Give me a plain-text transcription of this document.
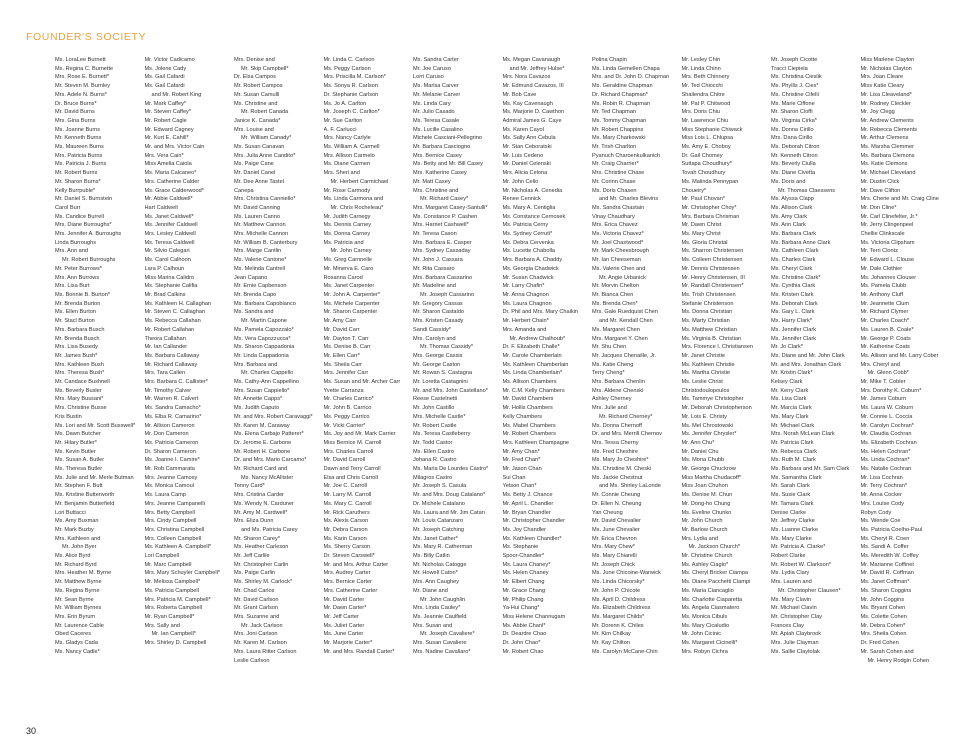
FOUNDER'S SOCIETY
Ms. LoraLee Burnett
Ms. Regina C. Burnette
Mrs. Rose E. Burnett*
Mr. Steven M. Burnley
Mrs. Adele N. Burns*
Dr. Bruce Burns*
Mr. David Burns
Mrs. Gina Burns
Ms. Joanne Burns
Mr. Kenneth Burns
Ms. Maureen Burns
Mrs. Patricia Burns
Ms. Patricia J. Burns
Mr. Robert Burns
Mr. Sharon Burns*
Kelly Burrpuble*
Mr. Daniel S. Burnstein
Carol Burr
Ms. Candice Burrell
Mrs. Diane Burroughs*
Mrs. Jennifer A. Burroughs
Linda Burroughs
Mrs. Ann and
Mr. Robert Burroughs
Mr. Peter Burrows*
Mrs. Ann Burrows
Mrs. Lisa Burt
Ms. Bonnie B. Burton*
Mr. Brenda Burton
Ms. Ellen Burton
Mr. Stacl Burton
Mrs. Barbara Busch
Mr. Brenda Busch
Mrs. Lisa Busedy
Mr. James Bush*
Mrs. Kathleen Bush
Mrs. Theresa Bush*
Mr. Candace Bushnell
Ms. Beverly Busler
Mrs. Mary Bussani*
Mrs. Christine Busse
Kris Bustin
Ms. Lori and Mr. Scott Busswell*
Ms. Dawn Butcher
Mr. Hilary Butler*
Ms. Kevin Butler
Ms. Susan A. Butler
Ms. Theresa Butler
Ms. Julie and Mr. Merle Butman
Mr. Stephen F. Butt
Ms. Kristine Butterworth
Mr. Benjamin Butterfield
Lori Buttacci
Ms. Amy Buxman
Mr. Mark Buzby
Mrs. Kathleen and
Mr. John Byer
Ms. Alice Byrd
Mr. Richard Byrd
Mrs. Heather M. Byrne
Mr. Matthew Byrne
Ms. Regina Byrne
Mr. Sean Byrne
Mr. William Byrnes
Mrs. Erin Byrum
Mr. Laurence Cable
Obed Caceres
Ms. Gladys Cada
Ms. Nancy Cadle*
Mr. Victor Cadicamo
Ms. Jolene Cady
Ms. Gail Cafardi
Ms. Gail Cafardi
and Mr. Robert King
Mr. Mark Caffey*
Mr. Steven Caffey*
Mr. Robert Cagle
Mr. Edward Cagney
Mr. Kurt E. Cahill*
Mr. and Mrs. Victor Cain
Mrs. Vera Cain*
Miss Amelia Caiola
Ms. Maria Calcaneo*
Mrs. Catherine Calder
Ms. Grace Calderwood*
Mr. Abbie Caldwell*
Hart Caldwell
Ms. Janet Caldwell*
Ms. Jennifer Caldwell
Mrs. Lesley Caldwell
Ms. Teresa Caldwell
Mr. Silvio Calegari
Ms. Carol Calhoon
Lara P. Calhoun
Miss Marina Calidro
Ms. Stephanie Califia
Mr. Brad Calkins
Ms. Kathleen H. Callaghan
Mr. Steven C. Callaghan
Ms. Rebecca Callahan
Mr. Robert Callahan
Theora Callahan
Mr. Ian Callander
Ms. Barbara Callaway
Mr. Richard Callaway
Mrs. Tara Callen
Mrs. Barbara C. Callister*
Mr. Timothy Calver
Mr. Warren R. Calvert
Ms. Sandra Camacho*
Ms. Elba R. Camarino*
Mr. Allison Cameron
Mr. Don Cameron
Ms. Patricia Cameron
Dr. Sharon Cameron
Ms. Joanne I. Camire*
Mr. Rob Cammarata
Mrs. Jeanne Camosy
Ms. Monica Camoul
Ms. Laura Camp
Mrs. Jeanne Campanelli
Mrs. Betty Campbell
Mrs. Cindy Campbell
Mrs. Christina Campbell
Mrs. Colleen Campbell
Ms. Kathleen A. Campbell*
Lori Campbell
Mr. Marc Campbell
Mrs. Mary Schuyler Campbell*
Mr. Melissa Campbell*
Ms. Patricia Campbell
Mrs. Patricia M. Campbell*
Mrs. Roberta Campbell
Mr. Ryan Campbell*
Mrs. Sally and
Mr. Ian Campbell*
Mrs. Shirley D. Campbell
Mrs. Denise and
Mr. Skip Campbell*
Dr. Elsa Campos
Mr. Robert Campos
Mr. Susan Camulli
Ms. Christine and
Mr. Robert Canada
Janice K. Canada*
Mrs. Louise and
Mr. William Canady*
Ms. Susan Canavan
Mrs. Julia Anne Candito*
Ms. Paige Cane
Mr. Daniel Canel
Mr. Dee Anne Tastel
Canepa
Mrs. Christina Canniello*
Mr. David Canning
Ms. Lauren Canno
Mr. Matthew Cannon
Mrs. Michelle Cannon
Mr. William B. Canterbury
Mrs. Marge Cantlin
Ms. Valerie Cantone*
Ms. Melinda Cantrell
Jean Capano
Mr. Ernie Capbenson
Mr. Brenda Capo
Ms. Barbara Capobianco
Ms. Sandra and
Mr. Martin Capone
Ms. Pamela Capozzalo*
Ms. Vera Capozzucca*
Ms. Sharon Cappadonia
Mr. Linda Cappadonia
Mrs. Barbara and
Mr. Charles Cappello
Ms. Cathy-Ann Cappellino
Mrs. Susan Cappiello*
Mr. Annette Capps*
Ms. Judith Caputo
Mr. and Mrs. Robert Caravaggi*
Mr. Karen M. Caraway
Ms. Elena Carbajo Patterer*
Dr. Jerome E. Carbone
Mr. Robert H. Carbone
Dr. and Mrs. Mario Carcamo*
Mr. Richard Card and
Ms. Nancy McAllister
Tonny Card*
Mrs. Cristina Carder
Ms. Wendy N. Carduner
Mr. Amy M. Cardwell*
Mrs. Eliza Dunn
and Ms. Patricia Carey
Mr. Sharon Carey*
Ms. Heather Carleson
Mr. Jeff Carlile
Mr. Christopher Carlin
Ms. Paige Carlin
Ms. Shirley M. Carlock*
Mr. Chad Carlos
Mr. David Carlson
Mr. Grant Carlson
Mrs. Suzanne and
Mr. Jack Carlson
Mrs. Joni Carlson
Mr. Karen M. Carlson
Mrs. Laura Ritter Carlson
Leslie Carlson
Mr. Linda C. Carlson
Ms. Peggy Carlson
Mrs. Priscilla M. Carlson*
Ms. Sonya R. Carlson
Dr. Stephanie Carlson
Ms. Jo A. Carlton
Mr. Joseph C. Carlton*
Mr. Sue Carlton
A. F. Carlucci
Mrs. Nancy Carlyle
Ms. William A. Carmell
Mrs. Allison Carmelo
Ms. Diane Carmen
Mrs. Sheri and
Mr. Herbert Carmichael
Mr. Rose Carmody
Ms. Linda Carmona and
Mr. Chris Rocheleau*
Mr. Judith Carnegy
Ms. Dennis Carney
Ms. Donna Carney
Ms. Patricia and
Mr. John Carney
Ms. Greg Carnnelle
Mr. Minerva E. Caro
Rosanna Carod
Ms. Janet Carpenter
Mr. John A. Carpenter*
Ms. Michele Carpenter
Mr. Sharon Carpenter
Mr. Amy Carr
Mr. David Carr
Mr. Dayton T. Carr
Ms. Denise B. Carr
Mr. Ellen Carr*
Ms. Sheila Carr
Mrs. Jennifer Carr
Ms. Susan and Mr. Archer Carr
Yvette Carranza
Mr. Charles Carrico*
Mr. John B. Carrico
Ms. Peggy Carrico
Mr. Vicki Carrier*
Ms. Joy and Mr. Mark Carrier
Miss Bernice M. Carroll
Mrs. Charles Carroll
Mr. David Carroll
Dawn and Terry Carroll
Elsa and Chris Carroll
Mr. Joe C. Carroll
Mr. Larry M. Carroll
Ms. Mary C. Carroll
Mr. Rick Caruthers
Ms. Alexis Carson
Mr. Debra Carson
Ms. Karin Carson
Ms. Sherry Carson
Dr. Steven Carswell*
Mr. and Mrs. Arthur Carter
Mrs. Audrey Carter
Mrs. Bernice Carter
Mrs. Catherine Carter
Mr. David Carter
Mr. Dawn Carter*
Mr. Jeff Carter
Ms. Juliet Carter
Ms. June Carter
Mr. Marjorie Carter*
Mr. and Mrs. Randall Carter*
Ms. Sandra Carter
Mr. Joe Caruso
Lorri Caruso
Ms. Marisa Carver
Mr. Melanie Carver
Ms. Linda Cary
Mr. Julio Casado
Ms. Teresa Casale
Ms. Lucille Casalino
Michele Casciani-Pellegrino
Mr. Barbara Casciogno
Mrs. Bernice Casey
Ms. Betty and Mr. Bill Casey
Mrs. Katherine Casey
Mr. Matt Casey
Mrs. Christine and
Mr. Richard Casey*
Mrs. Margaret Casey-Santulli*
Ms. Constance P. Cashen
Mrs. Harriet Cashwell*
Mr. Teresa Cason
Mrs. Barbara E. Casper
Mrs. Sydney Cassaday
Mr. John J. Cassara
Mr. Rita Cassaro
Mrs. Barbara Cassarino
Mr. Madeline and
Mr. Joseph Cassarino
Mr. Gregory Cassas
Mr. Sharon Castaldo
Mrs. Kristen Casady
Sandi Cassidy*
Mrs. Carolyn and
Mr. Thomas Cassidy*
Mrs. George Cassis
Mr. George Caston
Mr. Rowan S. Castagna
Mr. Loretta Castagnini
Mr. and Mrs. John Castellano*
Reese Castelnetti
Mr. John Castillo
Mrs. Michelle Castle*
Mr. Robert Castle
Ms. Teresa Castleberry
Mr. Todd Castor
Ms. Ellen Castro
Johana R. Castro
Ms. Maria De Lourdes Castro*
Milagros Castro
Mr. Joseph S. Casula
Mr. and Mrs. Doug Catalano*
Dr. Michele Catalano
Ms. Laura and Mr. Jim Catan
Mr. Louis Catanzaro
Mr. Joseph Catching
Ms. Janet Cather*
Ms. Mary R. Catherman
Ms. Billy Catlin
Mr. Nicholas Catogge
Mr. Howell Caton*
Mrs. Ann Caughey
Mr. Diane and
Mr. John Caughlin
Mrs. Linda Cauley*
Ms. Jeannie Caulfield
Mrs. Susan and
Mr. Joseph Cavaliere*
Mrs. Susan Cavaliere
Mrs. Nadine Cavallaro*
Ms. Megan Cavanaugh
and Mr. Jeffrey Hulse*
Mrs. Nora Cavazos
Mr. Edmund Cavazos, III
Mr. Bob Cave
Ms. Kay Cavenaugh
Ms. Marjorie D. Cawthon
Admiral James G. Caye
Ms. Karen Cayol
Ms. Sally Ann Cebula
Mr. Stan Ceboratski
Mr. Luis Cedeno
Mr. Daniel Celenski
Mrs. Alicia Celona
Mr. John Cello
Mr. Nicholas A. Cenedia
Renee Cennick
Ms. Mary A. Centiglia
Ms. Constance Cernosek
Ms. Patricia Cerny
Ms. Sydney Cerruti*
Ms. Debra Cervenka
Ms. Lucette Chabolla
Mrs. Barbara A. Chaddy
Ms. Georgia Chadwick
Mr. Susan Chadwick
Mr. Larry Chafin*
Mr. Anna Chagnon
Ms. Laura Chagnon
Dr. Phil and Mrs. Mary Chaikin
Mr. Herbert Chain*
Mrs. Amanda and
Mr. Andrew Chalhoub*
Dr. F. Elizabeth Challe*
Mr. Carole Chamberlain
Ms. Kathleen Chamberlain
Ms. Linda Chamberlain*
Ms. Allison Chambers
Mr. C.M. Kelly Chambers
Mr. David Chambers
Mr. Hollis Chambers
Kelly Chambers
Ms. Mabel Chambers
Mr. Robert Chambers
Mrs. Kathleen Champagne
Mr. Amy Chan*
Mr. Fred Chan*
Mr. Jason Chan
Sui Chan
Yetson Chan*
Ms. Betty J. Chance
Mr. April L. Chandler
Mr. Bryan Chandler
Mr. Christopher Chandler
Ms. Joy Chandler
Ms. Kathleen Chandler*
Ms. Stephanie
Spoor-Chandler*
Ms. Laura Chaney*
Ms. Helen Chaney
Mr. Elbert Chang
Mr. Grace Chang
Mr. Philip Chang
Ya-Hui Chang*
Miss Helene Channugam
Ms. Abbie Chanl*
Dr. Deardre Chao
Dr. John Chao*
Mr. Robert Chao
Polina Chapin
Ms. Linda Gemellen Chapa
Mrs. and Dr. John D. Chapman
Ms. Geraldine Chapman
Dr. Richard Chapman*
Ms. Robin R. Chapman
Mr. Ted Chapman
Ms. Tommy Chapman
Mr. Robert Chappins
Ms. Mary Charkowski
Mr. Trish Charlton
Pyanuch Charoenkulkanich
Mr. Craig Charrier*
Mrs. Christine Chase
Mr. Corinn Chase
Ms. Doris Chasen
and Mr. Charles Blevins
Ms. Sandra Chastain
Vinay Chaudhary
Mrs. Erica Chavez
Ms. Victoria Chavez*
Mr. Joel Chastwood*
Mr. Mark Cheesbrough
Mr. Ian Cheeseman
Ms. Valerie Chen and
Mr. Angie Urbanick
Mr. Morvin Chelton
Mr. Bianca Chen
Ms. Brenda Chen*
Mrs. Gale Ruedquist Chen
and Mr. Kendall Chen
Ms. Margaret Chen
Mrs. Margaret Y. Chen
Mr. Shu Chen
Mr. Jacques Chenaille, Jr.
Ms. Katie Cheng
Terry Cheng*
Mrs. Barbara Chenlin
Mrs. Aldene Chenski
Ashley Cherney
Mrs. Julie and
Mr. Richard Cherney*
Ms. Donna Chernoff
Dr. and Mrs. Merrill Chernov
Mrs. Tessa Cherny
Ms. Fred Cheshire
Ms. Mary Jo Cheshire*
Ms. Christine M. Cheski
Ms. Jackie Chestnut
and Ms. Shirley LaLonde
Mr. Connie Cheung
Dr. Ellen N. Cheung
Yan Cheung
Mr. David Chevalier
Ms. June Chevalier
Mr. Erica Chevron
Mrs. Mary Chew*
Ms. Mary Chiarelli
Mr. Joseph Chick
Ms. June Chicoine-Warwick
Ms. Linda Chicorsky*
Mr. John P. Chicote
Ms. April D. Childress
Ms. Elizabeth Childress
Ms. Margaret Childs*
Mr. Dorenn K. Chiles
Mr. Kim Chilkay
Mr. Kay Chilton
Ms. Carolyn McCane-Chin
Mr. Lesley Chin
Mr. Linda Chinn
Mrs. Beth Chinnery
Mr. Ted Chiocchi
Shailendra Chitre
Mr. Pat P. Chitwood
Mrs. Doris Chiu
Mr. Lawrence Chiu
Miss Stephanie Chiwack
Miss Lois L. Chlupsa
Ms. Amy E. Choboy
Dr. Gail Chomey
Suttapa Choudhury*
Tovah Choudhury
Ms. Malinda Pennypan
Choueiry*
Mr. Paul Chovan*
Mr. Christopher Choy*
Mrs. Barbara Chrisman
Mr. Dawn Christ
Ms. Mary Christ
Ms. Gloria Christal
Ms. Sharron Christensen
Ms. Colleen Christensen
Mr. Dennis Christensen
Mr. Henry Christensen, III
Mr. Randall Christensen*
Ms. Trish Christensen
Stefanie Christenson
Ms. Donna Christian
Ms. Marty Christian
Ms. Matthew Christian
Ms. Virginia B. Christian
Mrs. Florence I. Christiansen
Mr. Janet Christie
Ms. Kathleen Christie
Ms. Martha Christie
Ms. Leslie Christ
Christodoulopoulos
Ms. Tammye Christopher
Mr. Deborah Christopherson
Mr. Lois E. Christy
Ms. Mel Chrostowski
Ms. Jennifer Chrysler*
Mr. Ann Chu*
Mr. Daniel Chu
Ms. Mona Chubb
Mr. George Chuckrow
Miss Martha Chudacoff*
Miss Joan Chuhon
Ms. Denise M. Chun
Mr. Dong-ho Chung
Ms. Eveline Chunko
Mr. John Church
Mr. Barlow Church
Mrs. Lydia and
Mr. Jackson Church*
Mr. Christine Church
Ms. Ashley Ciaglo*
Ms. Cheryl Bricker Ciampa
Ms. Diane Pacchetti Ciampi
Ms. Maria Ciancaglio
Ms. Charlotte Ciaparetta
Ms. Angela Ciasmatero
Ms. Monica Cibuls
Ms. Mary Cicaludio
Mr. John Cicinic
Ms. Margaret Cicinelli*
Mrs. Robyn Cichra
Mr. Joseph Cicotte
Tracci Ciepiela
Ms. Christina Cieslik
Ms. Phyllis J. Cies*
Ms. Christine Cifelli
Ms. Marie Ciffone
Mr. Sharon Cioffi
Ms. Virginia Cirka*
Ms. Donna Cirillo
Mrs. Dana Cirillo
Ms. Deborah Citron
Mr. Kenneth Citron
Ms. Beverly Ciulla
Ms. Diane Civetta
Ms. Doris and
Mr. Thomas Claessens
Ms. Alyssa Clapp
Ms. Allison Clark
Ms. Amy Clark
Ms. Ann Clark
Ms. Barbara Clark
Ms. Barbara Anne Clark
Ms. Cathleen Clark
Ms. Charles Clark
Ms. Cheryl Clark
Ms. Christine Clark*
Ms. Cynthia Clark
Ms. Kristen Clark
Ms. Deborah Clark
Ms. Gary L. Clark
Ms. Harry Clark*
Ms. Jennifer Clark
Ms. Jennifer Clark
Mr. Jo Clark*
Ms. Diane and Mr. John Clark
Mr. and Mrs. Jonathan Clark
Mr. Kristin Clark*
Kelsey Clark
Mr. Kerry Clark
Ms. Lisa Clark
Mr. Marcia Clark
Ms. Mary Clark
Mr. Michael Clark
Mrs. Norah McLean Clark
Mr. Patricia Clark
Mr. Rebecca Clark
Ms. Ruth M. Clark
Ms. Barbara and Mr. Sam Clark
Ms. Samantha Clark
Mr. Sarah Clark
Ms. Susie Clark
Mr. Tamara Clark
Denise Clarke
Mr. Jeffrey Clarke
Ms. Luanne Clarke
Ms. Mary Clarke
Mr. Patricia A. Clarke*
Robert Clarke
Mr. Robert W. Clarkson*
Ms. Lydia Clary
Mrs. Lauren and
Mr. Christopher Clausen*
Ms. Mary Clavin
Mr. Michael Clavin
Mr. Christopher Clay
Frances Clay
Mr. Apiah Claybrook
Mrs. Julie Clayman
Ms. Sallie Claytolak
Miss Marlene Clayton
Mr. Nicholas Clayton
Mrs. Joan Cleare
Miss Katie Cleary
Mr. Lisa Cleaveland*
Mr. Rodney Cleckler
Mr. Joy Clegg
Mr. Andrew Clements
Mr. Rebecca Clements
Mr. Arthur Clemens
Ms. Marsha Clemmer
Ms. Barbara Clemons
Ms. Katie Clemons
Mr. Michael Cleveland
Mr. Dustin Click
Mr. Dave Clifton
Mrs. Cherie and Mr. Craig Cline
Mr. Don Cline*
Mr. Carl Clinefelter, Jr.*
Mr. Jerry Clingenpeel
Chellie Clinkscale
Ms. Victoria Clipsham
Mr. Terri Clontz
Mr. Edward L. Clouse
Mr. Dale Clothier
Ms. Johannes Clouser
Ms. Pamela Clubb
Mr. Anthony Cluff
Mr. Jeannette Clum
Mr. Richard Clymer
Mr. Charles Coach*
Ms. Lauren B. Coale*
Mr. George P. Coats
Mr. Katherine Coats
Ms. Allison and Mr. Larry Cober
Mrs. Cheryl and
Mr. Glenn Cobb*
Mr. Mike T. Cobler
Mrs. Dorothy K. Coburn*
Mr. James Coburn
Ms. Laura W. Coburn
Mr. Connie L. Coccia
Mr. Carolyn Cochran*
Mr. Claudia Cochran
Ms. Elizabeth Cochran
Ms. Helen Cochran*
Ms. Linda Cochran*
Ms. Natalie Cochran
Mr. Lisa Cochran
Mr. Terry Cochran*
Mr. Anna Cocker
Mrs. Louise Cody
Robyn Cody
Ms. Wende Coe
Ms. Patricia Coelho-Paul
Ms. Cheryl R. Coen
Ms. Sandi A. Coffer
Ms. Meredith W. Coffey
Mr. Marianne Coffinet
Mr. David R. Coffman
Ms. Janet Coffman*
Ms. Sharon Coggins
Mr. John Coggins
Ms. Bryant Cohen
Ms. Colette Cohen
Mr. Debra Cohen*
Mrs. Sheila Cohen
Dr. Fred Cohen
Mr. Sarah Cohen and
Mr. Henry Rodgin Cohen
30
